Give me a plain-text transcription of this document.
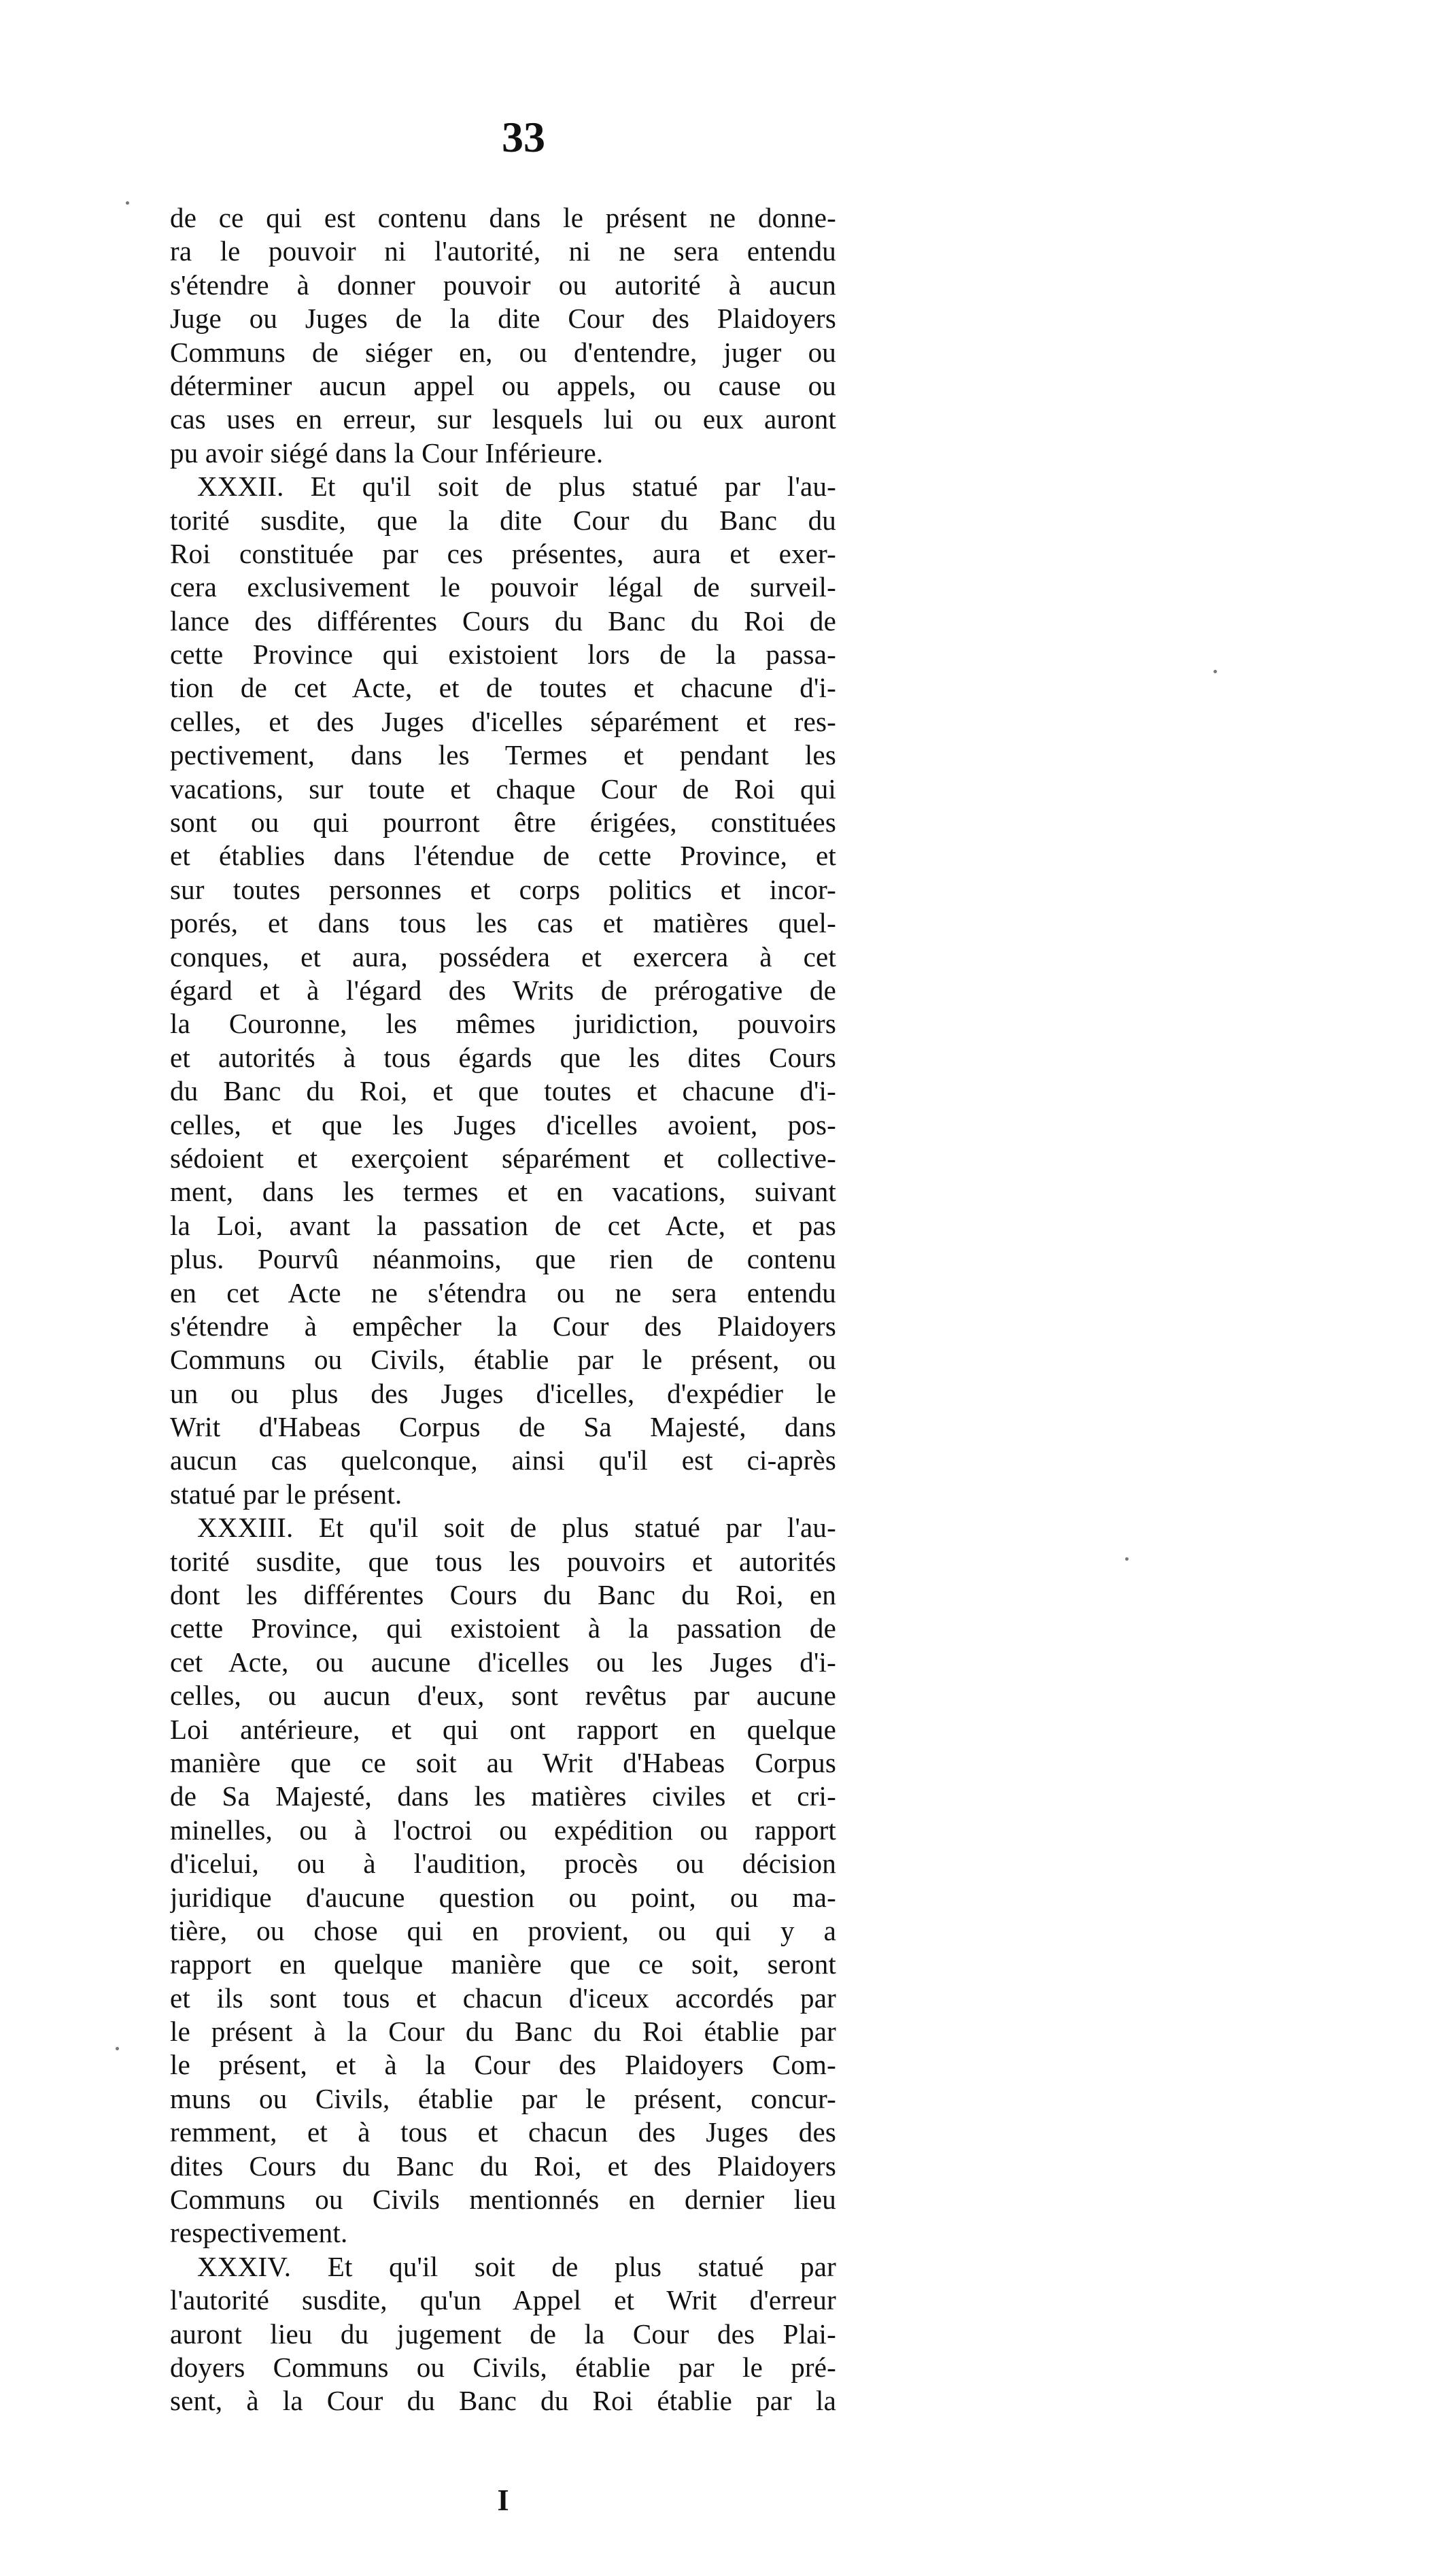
33
de ce qui est contenu dans le présent ne donne-
ra le pouvoir ni l'autorité, ni ne sera entendu
s'étendre à donner pouvoir ou autorité à aucun
Juge ou Juges de la dite Cour des Plaidoyers
Communs de siéger en, ou d'entendre, juger ou
déterminer aucun appel ou appels, ou cause ou
cas uses en erreur, sur lesquels lui ou eux auront
pu avoir siégé dans la Cour Inférieure.
XXXII. Et qu'il soit de plus statué par l'au-
torité susdite, que la dite Cour du Banc du
Roi constituée par ces présentes, aura et exer-
cera exclusivement le pouvoir légal de surveil-
lance des différentes Cours du Banc du Roi de
cette Province qui existoient lors de la passa-
tion de cet Acte, et de toutes et chacune d'i-
celles, et des Juges d'icelles séparément et res-
pectivement, dans les Termes et pendant les
vacations, sur toute et chaque Cour de Roi qui
sont ou qui pourront être érigées, constituées
et établies dans l'étendue de cette Province, et
sur toutes personnes et corps politics et incor-
porés, et dans tous les cas et matières quel-
conques, et aura, possédera et exercera à cet
égard et à l'égard des Writs de prérogative de
la Couronne, les mêmes juridiction, pouvoirs
et autorités à tous égards que les dites Cours
du Banc du Roi, et que toutes et chacune d'i-
celles, et que les Juges d'icelles avoient, pos-
sédoient et exerçoient séparément et collective-
ment, dans les termes et en vacations, suivant
la Loi, avant la passation de cet Acte, et pas
plus. Pourvû néanmoins, que rien de contenu
en cet Acte ne s'étendra ou ne sera entendu
s'étendre à empêcher la Cour des Plaidoyers
Communs ou Civils, établie par le présent, ou
un ou plus des Juges d'icelles, d'expédier le
Writ d'Habeas Corpus de Sa Majesté, dans
aucun cas quelconque, ainsi qu'il est ci-après
statué par le présent.
XXXIII. Et qu'il soit de plus statué par l'au-
torité susdite, que tous les pouvoirs et autorités
dont les différentes Cours du Banc du Roi, en
cette Province, qui existoient à la passation de
cet Acte, ou aucune d'icelles ou les Juges d'i-
celles, ou aucun d'eux, sont revêtus par aucune
Loi antérieure, et qui ont rapport en quelque
manière que ce soit au Writ d'Habeas Corpus
de Sa Majesté, dans les matières civiles et cri-
minelles, ou à l'octroi ou expédition ou rapport
d'icelui, ou à l'audition, procès ou décision
juridique d'aucune question ou point, ou ma-
tière, ou chose qui en provient, ou qui y a
rapport en quelque manière que ce soit, seront
et ils sont tous et chacun d'iceux accordés par
le présent à la Cour du Banc du Roi établie par
le présent, et à la Cour des Plaidoyers Com-
muns ou Civils, établie par le présent, concur-
remment, et à tous et chacun des Juges des
dites Cours du Banc du Roi, et des Plaidoyers
Communs ou Civils mentionnés en dernier lieu
respectivement.
XXXIV. Et qu'il soit de plus statué par
l'autorité susdite, qu'un Appel et Writ d'erreur
auront lieu du jugement de la Cour des Plai-
doyers Communs ou Civils, établie par le pré-
sent, à la Cour du Banc du Roi établie par la
I
